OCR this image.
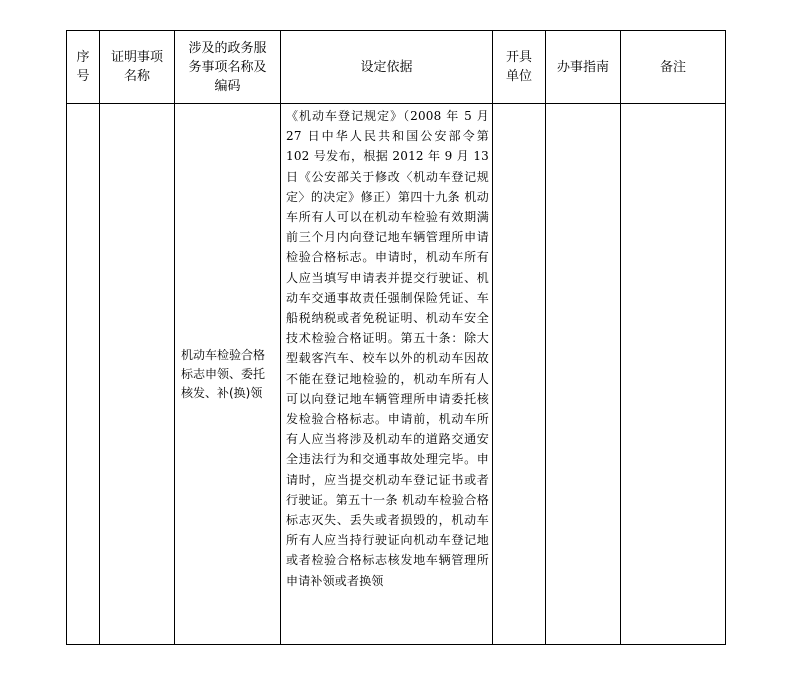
序
号	证明事项
名称	涉及的政务服
务事项名称及
编码	设定依据	开具
单位	办事指南	备注

		机动车检验合格标志申领、委托核发、补(换)领	《机动车登记规定》（2008 年 5 月 27 日中华人民共和国公安部令第 102 号发布，根据 2012 年 9 月 13 日《公安部关于修改〈机动车登记规定〉的决定》修正）第四十九条 机动车所有人可以在机动车检验有效期满前三个月内向登记地车辆管理所申请检验合格标志。申请时，机动车所有人应当填写申请表并提交行驶证、机动车交通事故责任强制保险凭证、车船税纳税或者免税证明、机动车安全技术检验合格证明。第五十条：除大型载客汽车、校车以外的机动车因故不能在登记地检验的，机动车所有人可以向登记地车辆管理所申请委托核发检验合格标志。申请前，机动车所有人应当将涉及机动车的道路交通安全违法行为和交通事故处理完毕。申请时，应当提交机动车登记证书或者行驶证。第五十一条 机动车检验合格标志灭失、丢失或者损毁的，机动车所有人应当持行驶证向机动车登记地或者检验合格标志核发地车辆管理所申请补领或者换领			
